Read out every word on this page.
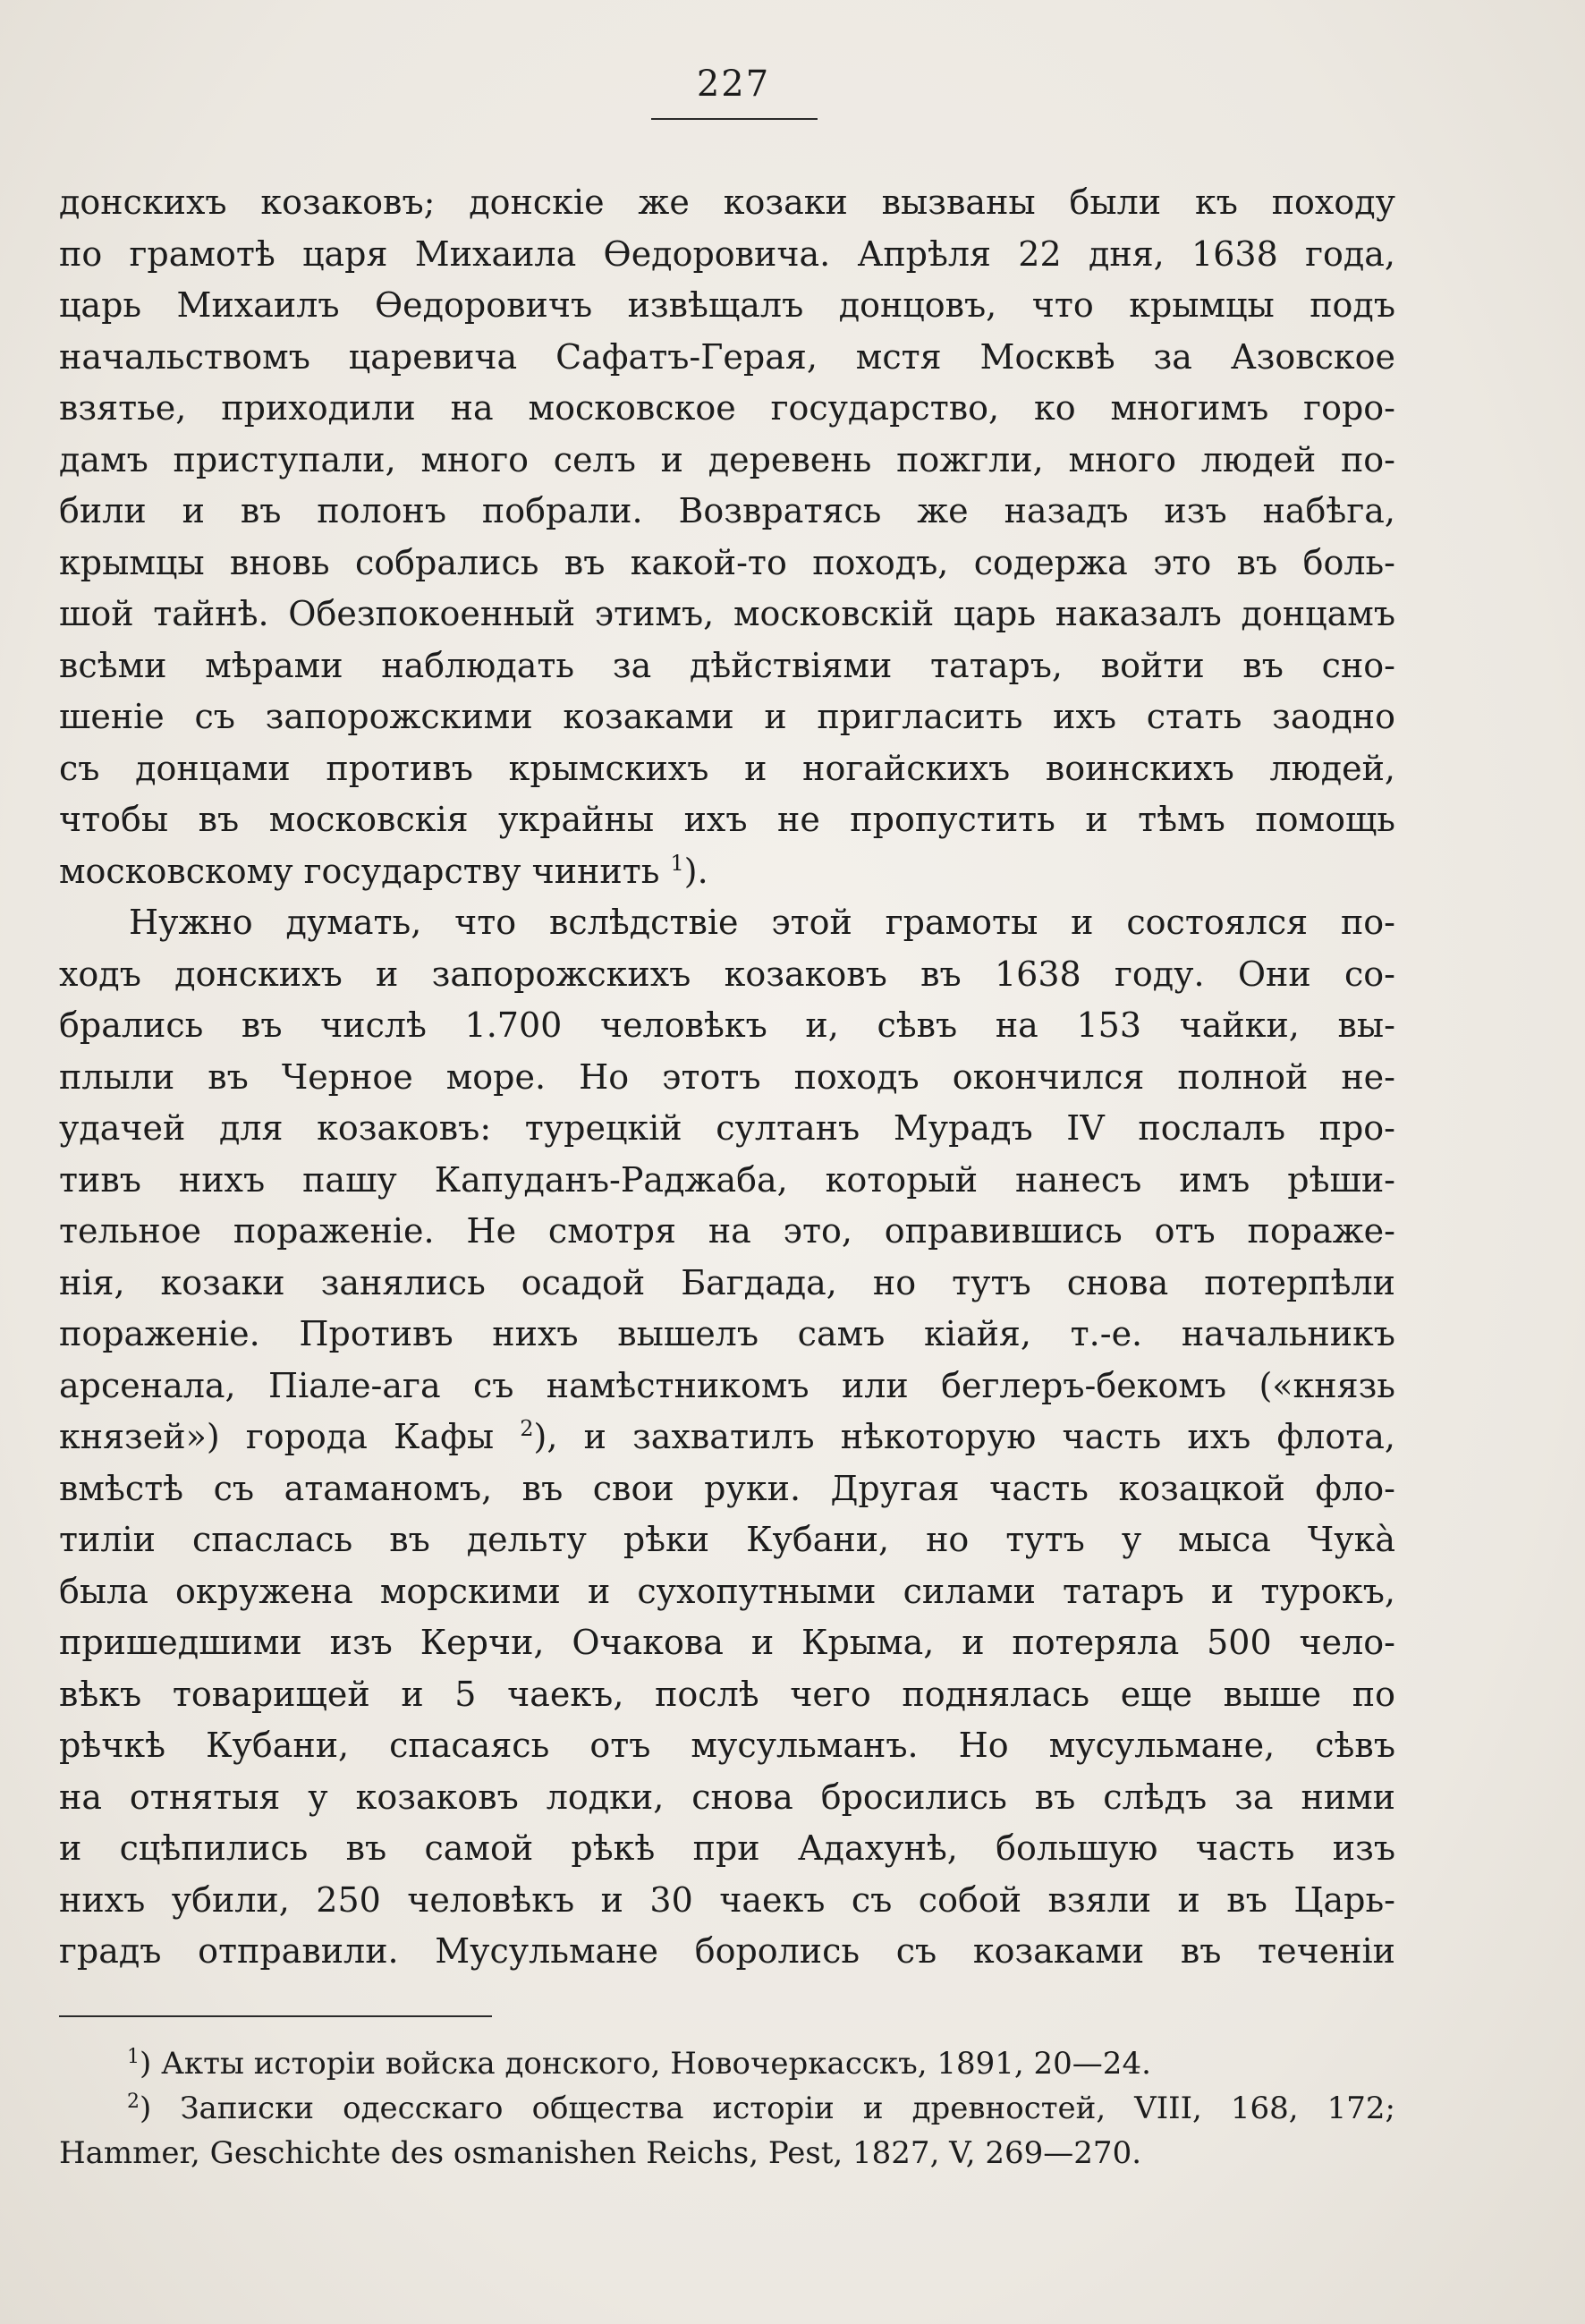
227
донскихъ козаковъ; донскіе же козаки вызваны были къ походу
по грамотѣ царя Михаила Ѳедоровича. Апрѣля 22 дня, 1638 года,
царь Михаилъ Ѳедоровичъ извѣщалъ донцовъ, что крымцы подъ
начальствомъ царевича Сафатъ-Герая, мстя Москвѣ за Азовское
взятье, приходили на московское государство, ко многимъ горо-
дамъ приступали, много селъ и деревень пожгли, много людей по-
били и въ полонъ побрали. Возвратясь же назадъ изъ набѣга,
крымцы вновь собрались въ какой-то походъ, содержа это въ боль-
шой тайнѣ. Обезпокоенный этимъ, московскій царь наказалъ донцамъ
всѣми мѣрами наблюдать за дѣйствіями татаръ, войти въ сно-
шеніе съ запорожскими козаками и пригласить ихъ стать заодно
съ донцами противъ крымскихъ и ногайскихъ воинскихъ людей,
чтобы въ московскія украйны ихъ не пропустить и тѣмъ помощь
московскому государству чинить $^1$).
Нужно думать, что вслѣдствіе этой грамоты и состоялся по-
ходъ донскихъ и запорожскихъ козаковъ въ 1638 году. Они со-
брались въ числѣ 1.700 человѣкъ и, сѣвъ на 153 чайки, вы-
плыли въ Черное море. Но этотъ походъ окончился полной не-
удачей для козаковъ: турецкій султанъ Мурадъ IV послалъ про-
тивъ нихъ пашу Капуданъ-Раджаба, который нанесъ имъ рѣши-
тельное пораженіе. Не смотря на это, оправившись отъ пораже-
нія, козаки занялись осадой Багдада, но тутъ снова потерпѣли
пораженіе. Противъ нихъ вышелъ самъ кіайя, т.-е. начальникъ
арсенала, Піале-ага съ намѣстникомъ или беглеръ-бекомъ («князь
князей») города Кафы $^2$), и захватилъ нѣкоторую часть ихъ флота,
вмѣстѣ съ атаманомъ, въ свои руки. Другая часть козацкой фло-
тиліи спаслась въ дельту рѣки Кубани, но тутъ у мыса Чукà
была окружена морскими и сухопутными силами татаръ и турокъ,
пришедшими изъ Керчи, Очакова и Крыма, и потеряла 500 чело-
вѣкъ товарищей и 5 чаекъ, послѣ чего поднялась еще выше по
рѣчкѣ Кубани, спасаясь отъ мусульманъ. Но мусульмане, сѣвъ
на отнятыя у козаковъ лодки, снова бросились въ слѣдъ за ними
и сцѣпились въ самой рѣкѣ при Адахунѣ, большую часть изъ
нихъ убили, 250 человѣкъ и 30 чаекъ съ собой взяли и въ Царь-
градъ отправили. Мусульмане боролись съ козаками въ теченіи
$^1$) Акты исторіи войска донского, Новочеркасскъ, 1891, 20—24.
$^2$) Записки одесскаго общества исторіи и древностей, VIII, 168, 172;
Hammer, Geschichte des osmanishen Reichs, Pest, 1827, V, 269—270.
